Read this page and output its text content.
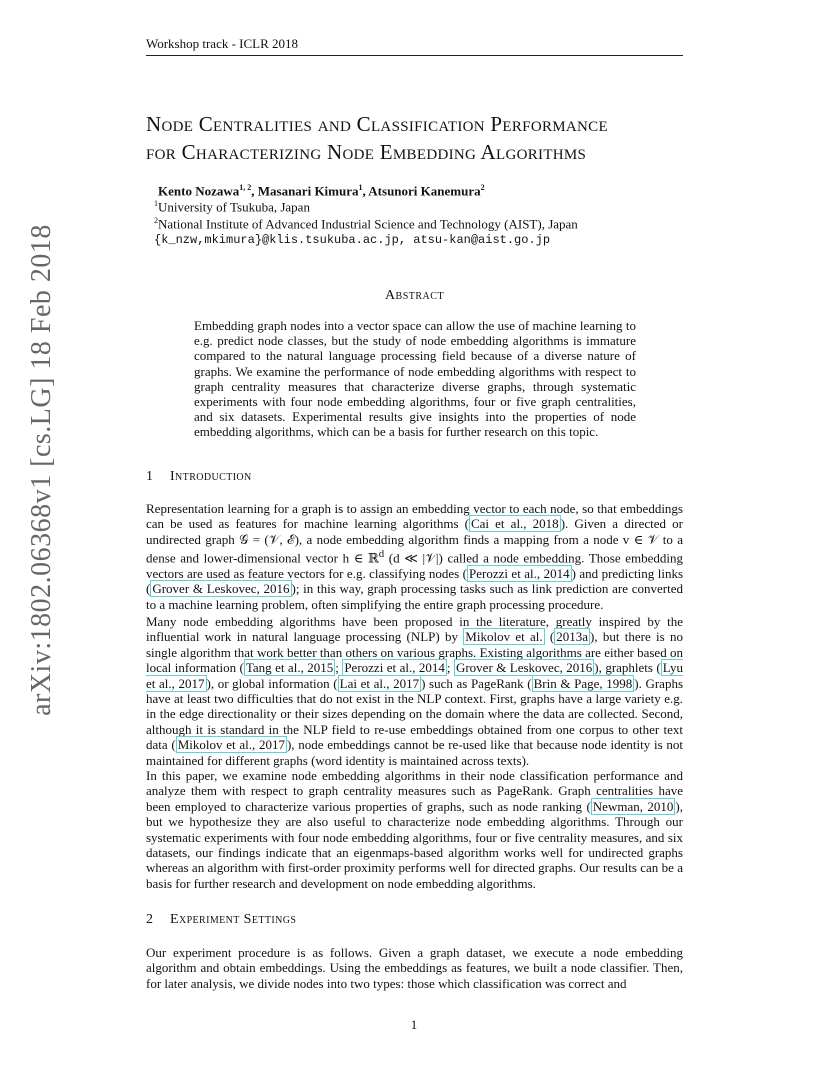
Workshop track - ICLR 2018
arXiv:1802.06368v1 [cs.LG] 18 Feb 2018
Node Centralities and Classification Performance
for Characterizing Node Embedding Algorithms
Kento Nozawa$^{1, 2}$, Masanari Kimura$^1$, Atsunori Kanemura$^2$
$^1$University of Tsukuba, Japan
$^2$National Institute of Advanced Industrial Science and Technology (AIST), Japan
{k_nzw,mkimura}@klis.tsukuba.ac.jp, atsu-kan@aist.go.jp
Abstract
Embedding graph nodes into a vector space can allow the use of machine learning to e.g. predict node classes, but the study of node embedding algorithms is immature compared to the natural language processing field because of a diverse nature of graphs. We examine the performance of node embedding algorithms with respect to graph centrality measures that characterize diverse graphs, through systematic experiments with four node embedding algorithms, four or five graph centralities, and six datasets. Experimental results give insights into the properties of node embedding algorithms, which can be a basis for further research on this topic.
1 Introduction

Representation learning for a graph is to assign an embedding vector to each node, so that embeddings can be used as features for machine learning algorithms ( Cai et al., 2018 ). Given a directed or undirected graph 𝒢 = (𝒱, ℰ), a node embedding algorithm finds a mapping from a node v ∈ 𝒱 to a dense and lower-dimensional vector h ∈ ℝ$^d$ (d ≪ |𝒱|) called a node embedding. Those embedding vectors are used as feature vectors for e.g. classifying nodes ( Perozzi et al., 2014 ) and predicting links ( Grover & Leskovec, 2016 ); in this way, graph processing tasks such as link prediction are converted to a machine learning problem, often simplifying the entire graph processing procedure.

Many node embedding algorithms have been proposed in the literature, greatly inspired by the influential work in natural language processing (NLP) by Mikolov et al. ( 2013a ), but there is no single algorithm that work better than others on various graphs. Existing algorithms are either based on local information ( Tang et al., 2015 ; Perozzi et al., 2014 ; Grover & Leskovec, 2016 ), graphlets ( Lyu et al., 2017 ), or global information ( Lai et al., 2017 ) such as PageRank ( Brin & Page, 1998 ). Graphs have at least two difficulties that do not exist in the NLP context. First, graphs have a large variety e.g. in the edge directionality or their sizes depending on the domain where the data are collected. Second, although it is standard in the NLP field to re-use embeddings obtained from one corpus to other text data ( Mikolov et al., 2017 ), node embeddings cannot be re-used like that because node identity is not maintained for different graphs (word identity is maintained across texts).

In this paper, we examine node embedding algorithms in their node classification performance and analyze them with respect to graph centrality measures such as PageRank. Graph centralities have been employed to characterize various properties of graphs, such as node ranking ( Newman, 2010 ), but we hypothesize they are also useful to characterize node embedding algorithms. Through our systematic experiments with four node embedding algorithms, four or five centrality measures, and six datasets, our findings indicate that an eigenmaps-based algorithm works well for undirected graphs whereas an algorithm with first-order proximity performs well for directed graphs. Our results can be a basis for further research and development on node embedding algorithms.

2 Experiment Settings

Our experiment procedure is as follows. Given a graph dataset, we execute a node embedding algorithm and obtain embeddings. Using the embeddings as features, we built a node classifier. Then, for later analysis, we divide nodes into two types: those which classification was correct and

1
